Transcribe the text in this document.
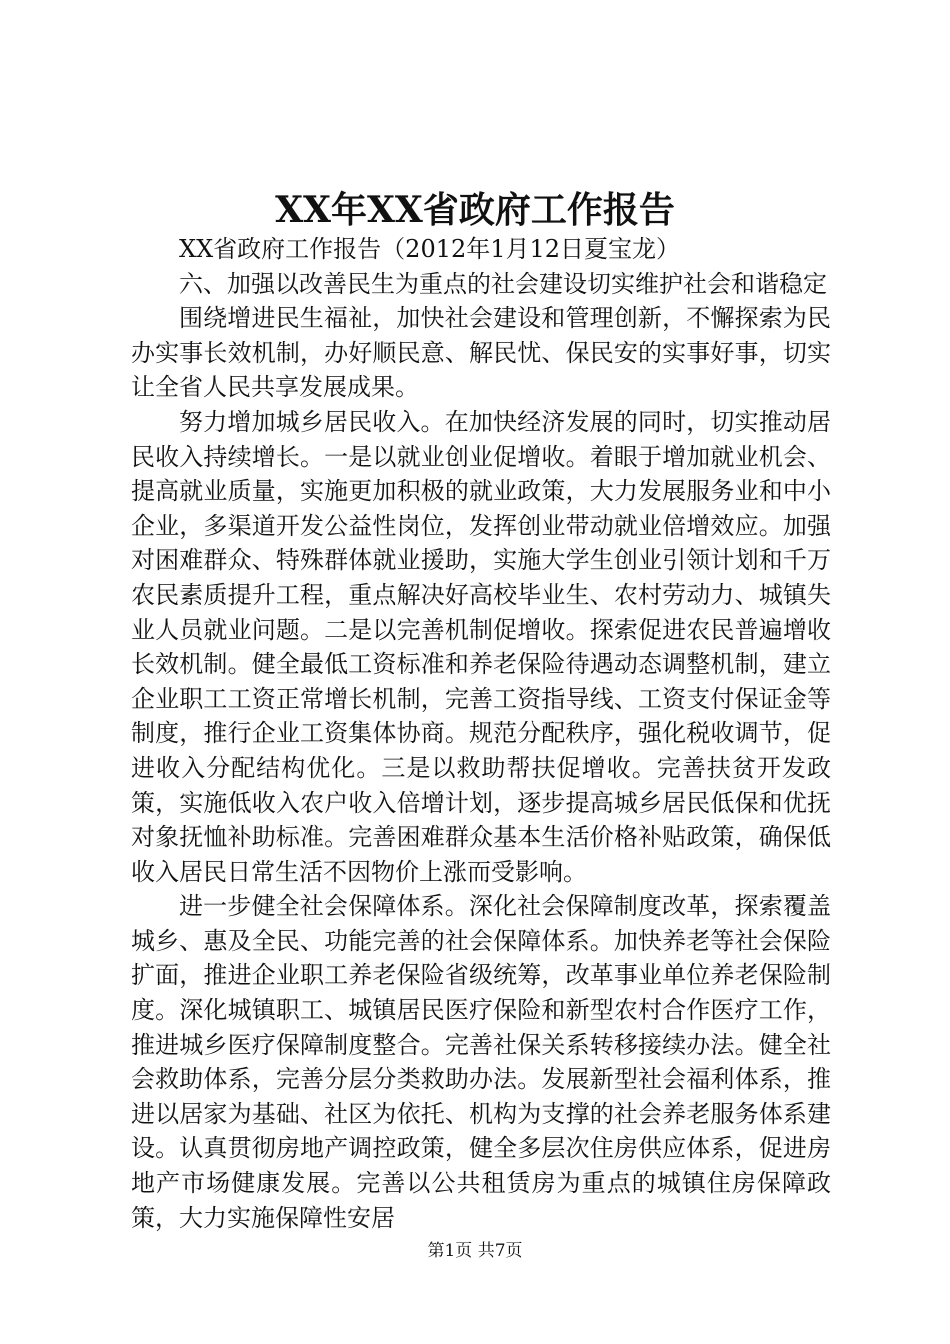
XX年XX省政府工作报告

XX省政府工作报告（2012年1月12日夏宝龙）

六、加强以改善民生为重点的社会建设切实维护社会和谐稳定

围绕增进民生福祉，加快社会建设和管理创新，不懈探索为民办实事长效机制，办好顺民意、解民忧、保民安的实事好事，切实让全省人民共享发展成果。

努力增加城乡居民收入。在加快经济发展的同时，切实推动居民收入持续增长。一是以就业创业促增收。着眼于增加就业机会、提高就业质量，实施更加积极的就业政策，大力发展服务业和中小企业，多渠道开发公益性岗位，发挥创业带动就业倍增效应。加强对困难群众、特殊群体就业援助，实施大学生创业引领计划和千万农民素质提升工程，重点解决好高校毕业生、农村劳动力、城镇失业人员就业问题。二是以完善机制促增收。探索促进农民普遍增收长效机制。健全最低工资标准和养老保险待遇动态调整机制，建立企业职工工资正常增长机制，完善工资指导线、工资支付保证金等制度，推行企业工资集体协商。规范分配秩序，强化税收调节，促进收入分配结构优化。三是以救助帮扶促增收。完善扶贫开发政策，实施低收入农户收入倍增计划，逐步提高城乡居民低保和优抚对象抚恤补助标准。完善困难群众基本生活价格补贴政策，确保低收入居民日常生活不因物价上涨而受影响。

进一步健全社会保障体系。深化社会保障制度改革，探索覆盖城乡、惠及全民、功能完善的社会保障体系。加快养老等社会保险扩面，推进企业职工养老保险省级统筹，改革事业单位养老保险制度。深化城镇职工、城镇居民医疗保险和新型农村合作医疗工作，推进城乡医疗保障制度整合。完善社保关系转移接续办法。健全社会救助体系，完善分层分类救助办法。发展新型社会福利体系，推进以居家为基础、社区为依托、机构为支撑的社会养老服务体系建设。认真贯彻房地产调控政策，健全多层次住房供应体系，促进房地产市场健康发展。完善以公共租赁房为重点的城镇住房保障政策，大力实施保障性安居

第1页 共7页
